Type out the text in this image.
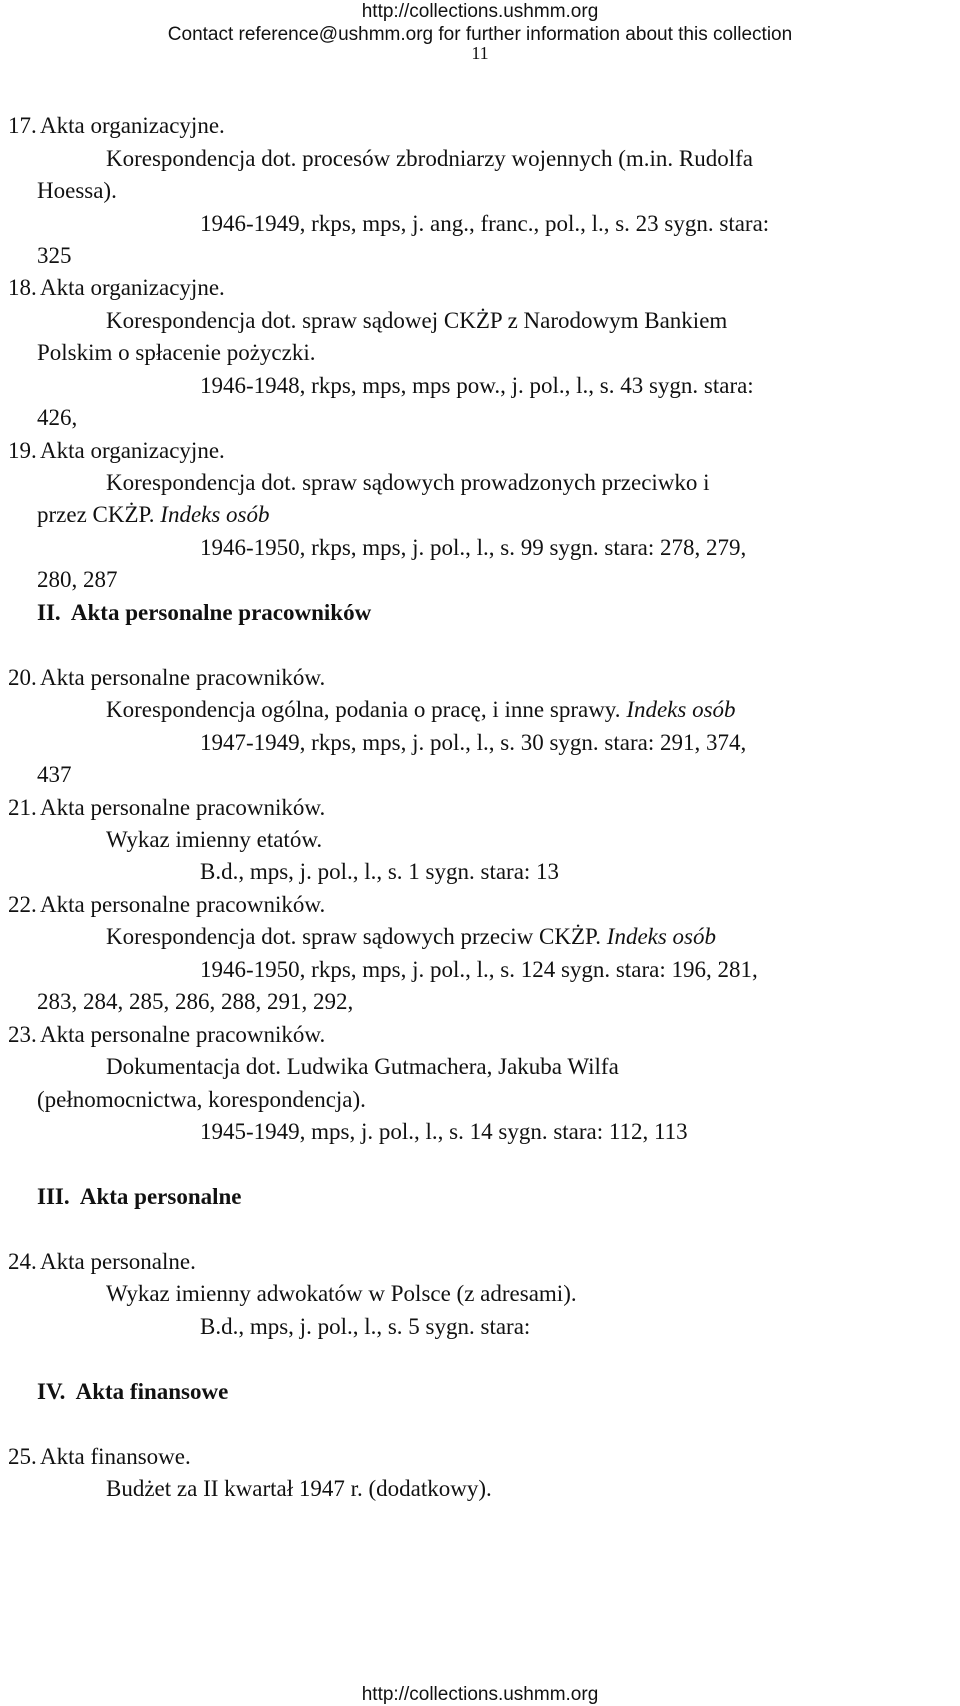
http://collections.ushmm.org
Contact reference@ushmm.org for further information about this collection
11
17. Akta organizacyjne.
Korespondencja dot. procesów zbrodniarzy wojennych (m.in. Rudolfa
Hoessa).
1946-1949, rkps, mps, j. ang., franc., pol., l., s. 23 sygn. stara:
325
18. Akta organizacyjne.
Korespondencja dot. spraw sądowej CKŻP z Narodowym Bankiem
Polskim o spłacenie pożyczki.
1946-1948, rkps, mps, mps pow., j. pol., l., s. 43 sygn. stara:
426,
19. Akta organizacyjne.
Korespondencja dot. spraw sądowych prowadzonych przeciwko i
przez CKŻP. Indeks osób
1946-1950, rkps, mps, j. pol., l., s. 99 sygn. stara: 278, 279,
280, 287
II. Akta personalne pracowników
20. Akta personalne pracowników.
Korespondencja ogólna, podania o pracę, i inne sprawy. Indeks osób
1947-1949, rkps, mps, j. pol., l., s. 30 sygn. stara: 291, 374,
437
21. Akta personalne pracowników.
Wykaz imienny etatów.
B.d., mps, j. pol., l., s. 1 sygn. stara: 13
22. Akta personalne pracowników.
Korespondencja dot. spraw sądowych przeciw CKŻP. Indeks osób
1946-1950, rkps, mps, j. pol., l., s. 124 sygn. stara: 196, 281,
283, 284, 285, 286, 288, 291, 292,
23. Akta personalne pracowników.
Dokumentacja dot. Ludwika Gutmachera, Jakuba Wilfa
(pełnomocnictwa, korespondencja).
1945-1949, mps, j. pol., l., s. 14 sygn. stara: 112, 113
III. Akta personalne
24. Akta personalne.
Wykaz imienny adwokatów w Polsce (z adresami).
B.d., mps, j. pol., l., s. 5 sygn. stara:
IV. Akta finansowe
25. Akta finansowe.
Budżet za II kwartał 1947 r. (dodatkowy).
http://collections.ushmm.org
